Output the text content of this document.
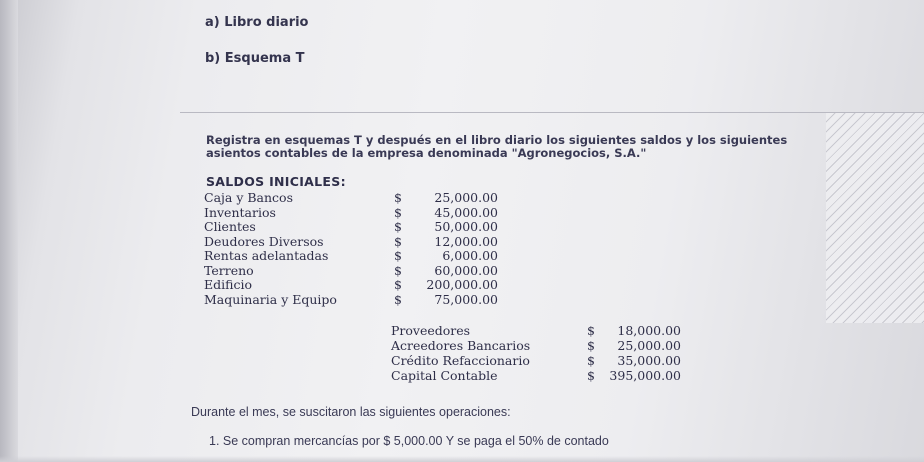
a) Libro diario
b) Esquema T
Registra en esquemas T y después en el libro diario los siguientes saldos y los siguientes asientos contables de la empresa denominada "Agronegocios, S.A."
SALDOS INICIALES:
Caja y Bancos	$	25,000.00
Inventarios	$	45,000.00
Clientes	$	50,000.00
Deudores Diversos	$	12,000.00
Rentas adelantadas	$	6,000.00
Terreno	$	60,000.00
Edificio	$	200,000.00
Maquinaria y Equipo	$	75,000.00
Proveedores	$	18,000.00
Acreedores Bancarios	$	25,000.00
Crédito Refaccionario	$	35,000.00
Capital Contable	$	395,000.00
Durante el mes, se suscitaron las siguientes operaciones:
1. Se compran mercancías por $ 5,000.00 Y se paga el 50% de contado
